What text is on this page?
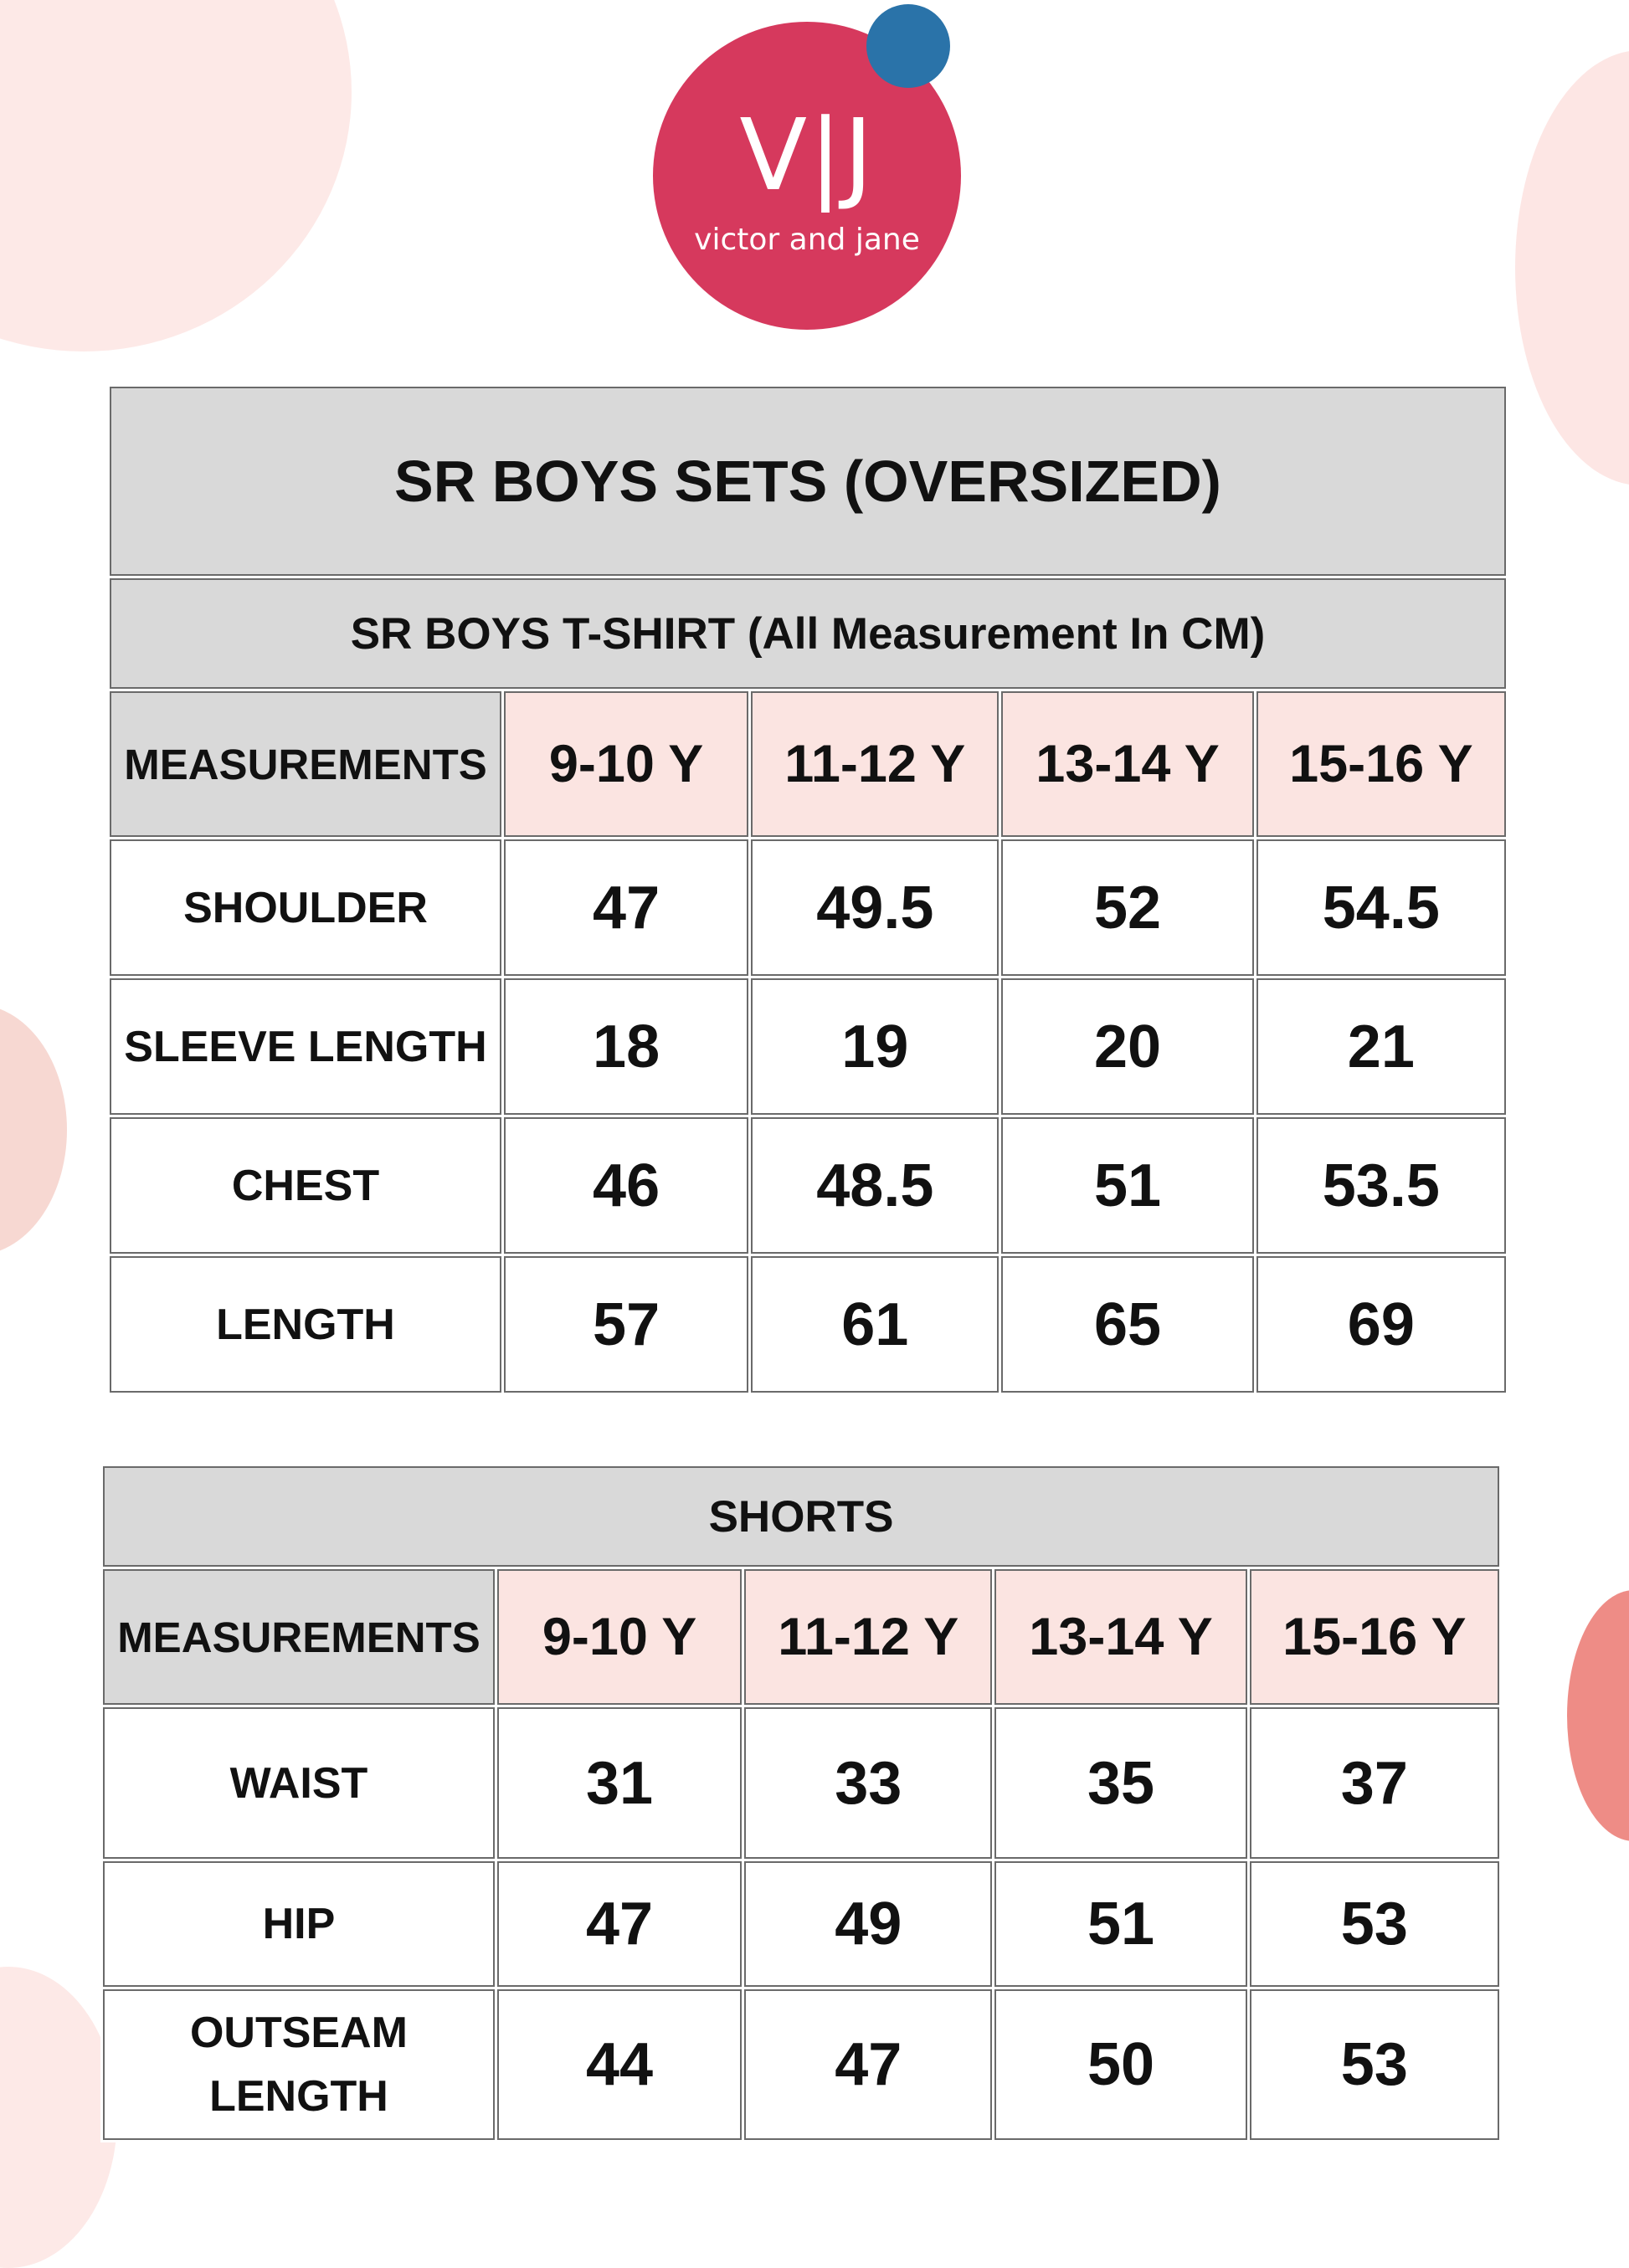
V|J
victor and jane
SR BOYS SETS (OVERSIZED)				
SR BOYS T-SHIRT (All Measurement In CM)				
MEASUREMENTS	9-10 Y	11-12 Y	13-14 Y	15-16 Y
SHOULDER	47	49.5	52	54.5
SLEEVE LENGTH	18	19	20	21
CHEST	46	48.5	51	53.5
LENGTH	57	61	65	69
SHORTS				
MEASUREMENTS	9-10 Y	11-12 Y	13-14 Y	15-16 Y
WAIST	31	33	35	37
HIP	47	49	51	53
OUTSEAM LENGTH	44	47	50	53
